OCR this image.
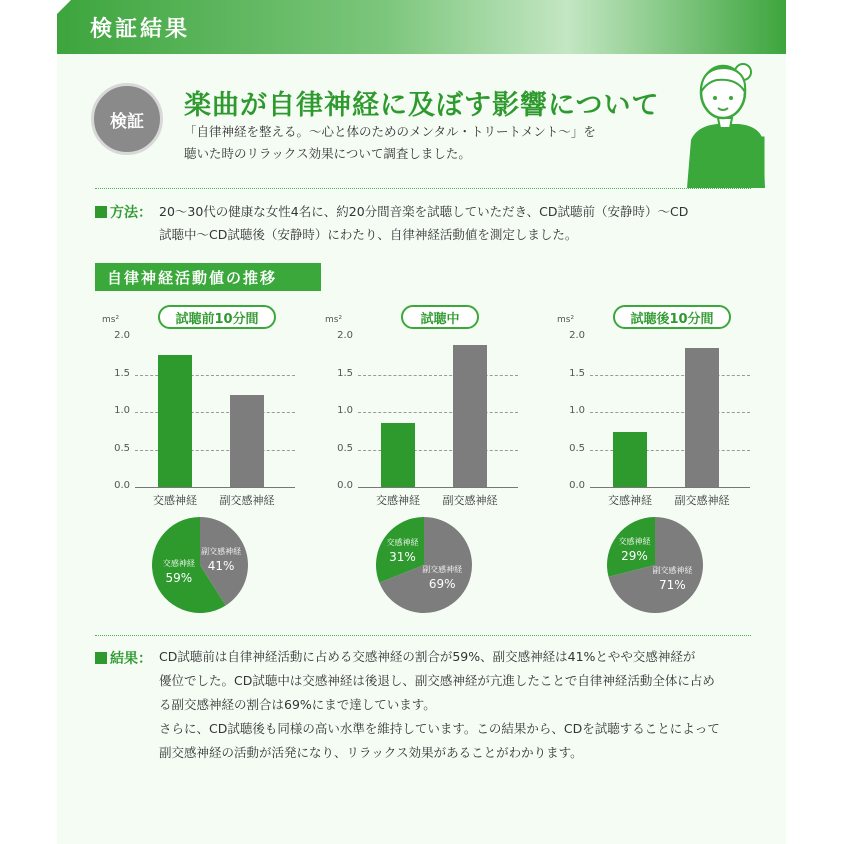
検証結果
検証
楽曲が自律神経に及ぼす影響について
「自律神経を整える。〜心と体のためのメンタル・トリートメント〜」を
聴いた時のリラックス効果について調査しました。
方法： 20〜30代の健康な女性4名に、約20分間音楽を試聴していただき、CD試聴前（安静時）〜CD
試聴中〜CD試聴後（安静時）にわたり、自律神経活動値を測定しました。
自律神経活動値の推移
試聴前10分間
ms²
2.0
1.5
1.0
0.5
0.0
交感神経	副交感神経
試聴中
ms²
2.0
1.5
1.0
0.5
0.0
交感神経	副交感神経
試聴後10分間
ms²
2.0
1.5
1.0
0.5
0.0
交感神経	副交感神経
交感神経
59%
副交感神経
41%
交感神経
31%
副交感神経
69%
交感神経
29%
副交感神経
71%
結果： CD試聴前は自律神経活動に占める交感神経の割合が59%、副交感神経は41%とやや交感神経が
優位でした。CD試聴中は交感神経は後退し、副交感神経が亢進したことで自律神経活動全体に占め
る副交感神経の割合は69%にまで達しています。
さらに、CD試聴後も同様の高い水準を維持しています。この結果から、CDを試聴することによって
副交感神経の活動が活発になり、リラックス効果があることがわかります。
